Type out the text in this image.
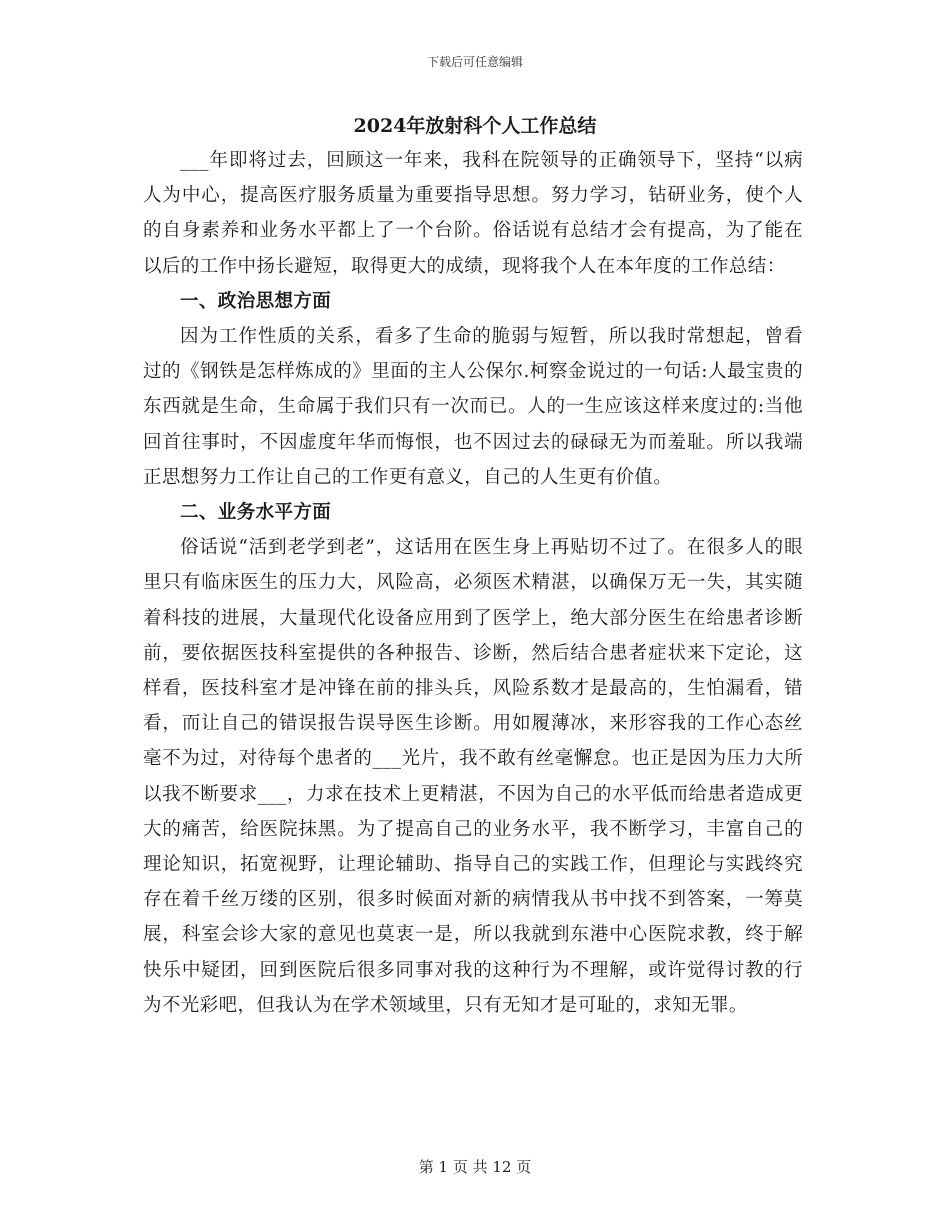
下载后可任意编辑
2024年放射科个人工作总结

___年即将过去，回顾这一年来，我科在院领导的正确领导下，坚持“以病人为中心，提高医疗服务质量为重要指导思想。努力学习，钻研业务，使个人的自身素养和业务水平都上了一个台阶。俗话说有总结才会有提高，为了能在以后的工作中扬长避短，取得更大的成绩，现将我个人在本年度的工作总结：

一、政治思想方面

因为工作性质的关系，看多了生命的脆弱与短暂，所以我时常想起，曾看过的《钢铁是怎样炼成的》里面的主人公保尔.柯察金说过的一句话:人最宝贵的东西就是生命，生命属于我们只有一次而已。人的一生应该这样来度过的:当他回首往事时，不因虚度年华而悔恨，也不因过去的碌碌无为而羞耻。所以我端正思想努力工作让自己的工作更有意义，自己的人生更有价值。

二、业务水平方面

俗话说“活到老学到老”，这话用在医生身上再贴切不过了。在很多人的眼里只有临床医生的压力大，风险高，必须医术精湛，以确保万无一失，其实随着科技的进展，大量现代化设备应用到了医学上，绝大部分医生在给患者诊断前，要依据医技科室提供的各种报告、诊断，然后结合患者症状来下定论，这样看，医技科室才是冲锋在前的排头兵，风险系数才是最高的，生怕漏看，错看，而让自己的错误报告误导医生诊断。用如履薄冰，来形容我的工作心态丝毫不为过，对待每个患者的___光片，我不敢有丝毫懈怠。也正是因为压力大所以我不断要求___，力求在技术上更精湛，不因为自己的水平低而给患者造成更大的痛苦，给医院抹黑。为了提高自己的业务水平，我不断学习，丰富自己的理论知识，拓宽视野，让理论辅助、指导自己的实践工作，但理论与实践终究存在着千丝万缕的区别，很多时候面对新的病情我从书中找不到答案，一筹莫展，科室会诊大家的意见也莫衷一是，所以我就到东港中心医院求教，终于解快乐中疑团，回到医院后很多同事对我的这种行为不理解，或许觉得讨教的行为不光彩吧，但我认为在学术领域里，只有无知才是可耻的，求知无罪。

第 1 页 共 12 页
